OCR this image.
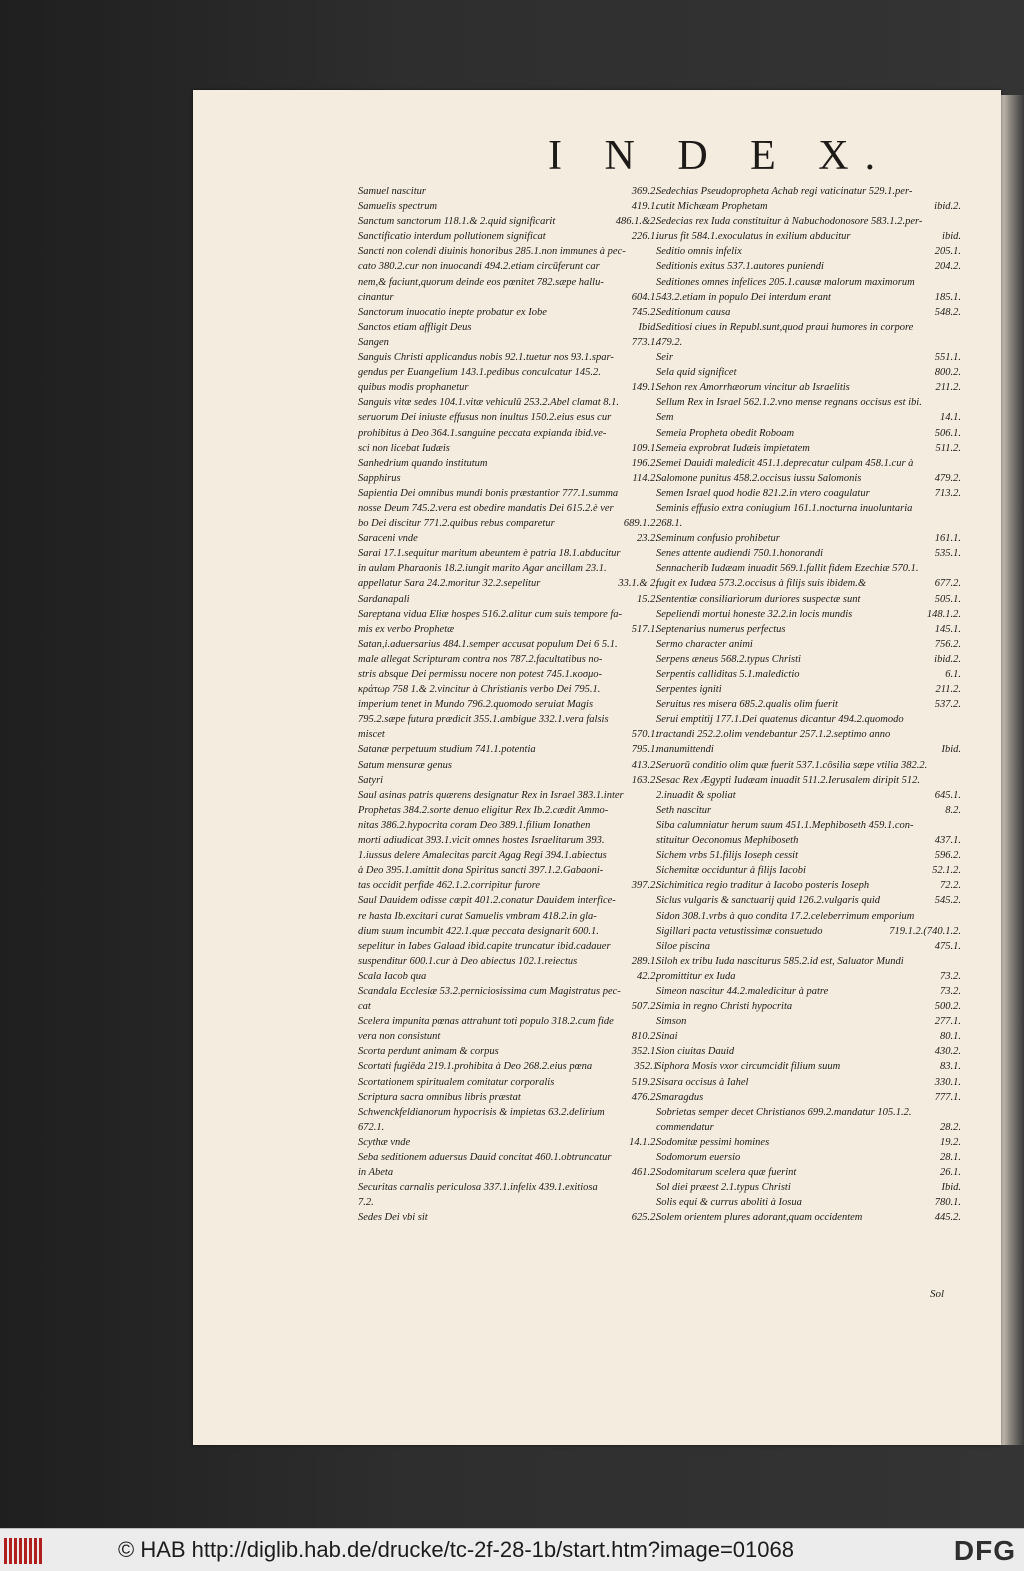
I N D E X.
Samuel nascitur	369.2.
Samuelis spectrum	419.1.
Sanctum sanctorum 118.1.& 2.quid significarit	486.1.&2.
Sanctificatio interdum pollutionem significat	226.1.
Sancti non colendi diuinis honoribus 285.1.non immunes à pec-
cato 380.2.cur non inuocandi 494.2.etiam circūferunt car
nem,& faciunt,quorum deinde eos pœnitet 782.sæpe hallu-
cinantur	604.1.
Sanctorum inuocatio inepte probatur ex Iobe	745.2.
Sanctos etiam affligit Deus	Ibid.
Sangen	773.1.
Sanguis Christi applicandus nobis 92.1.tuetur nos 93.1.spar-
gendus per Euangelium 143.1.pedibus conculcatur 145.2.
quibus modis prophanetur	149.1.
Sanguis vitæ sedes 104.1.vitæ vehiculū 253.2.Abel clamat 8.1.
seruorum Dei iniuste effusus non inultus 150.2.eius esus cur
prohibitus à Deo 364.1.sanguine peccata expianda ibid.ve-
sci non licebat Iudæis	109.1.
Sanhedrium quando institutum	196.2.
Sapphirus	114.2.
Sapientia Dei omnibus mundi bonis præstantior 777.1.summa
nosse Deum 745.2.vera est obedire mandatis Dei 615.2.è ver
bo Dei discitur 771.2.quibus rebus comparetur	689.1.2.
Saraceni vnde	23.2.
Sarai 17.1.sequitur maritum abeuntem è patria 18.1.abducitur
in aulam Pharaonis 18.2.iungit marito Agar ancillam 23.1.
appellatur Sara 24.2.moritur 32.2.sepelitur	33.1.& 2.
Sardanapali	15.2.
Sareptana vidua Eliæ hospes 516.2.alitur cum suis tempore fa-
mis ex verbo Prophetæ	517.1.
Satan,i.aduersarius 484.1.semper accusat populum Dei 6 5.1.
male allegat Scripturam contra nos 787.2.facultatibus no-
stris absque Dei permissu nocere non potest 745.1.κοσμο-
κράτωρ 758 1.& 2.vincitur à Christianis verbo Dei 795.1.
imperium tenet in Mundo 796.2.quomodo seruiat Magis
795.2.sæpe futura prædicit 355.1.ambigue 332.1.vera falsis
miscet	570.1.
Satanæ perpetuum studium 741.1.potentia	795.1.
Satum mensuræ genus	413.2.
Satyri	163.2.
Saul asinas patris quærens designatur Rex in Israel 383.1.inter
Prophetas 384.2.sorte denuo eligitur Rex Ib.2.cædit Ammo-
nitas 386.2.hypocrita coram Deo 389.1.filium Ionathen
morti adiudicat 393.1.vicit omnes hostes Israelitarum 393.
1.iussus delere Amalecitas parcit Agag Regi 394.1.abiectus
à Deo 395.1.amittit dona Spiritus sancti 397.1.2.Gabaoni-
tas occidit perfide 462.1.2.corripitur furore	397.2.
Saul Dauidem odisse cœpit 401.2.conatur Dauidem interfice-
re hasta Ib.excitari curat Samuelis vmbram 418.2.in gla-
dium suum incumbit 422.1.quæ peccata designarit 600.1.
sepelitur in Iabes Galaad ibid.capite truncatur ibid.cadauer
suspenditur 600.1.cur à Deo abiectus 102.1.reiectus	289.1.
Scala Iacob qua	42.2.
Scandala Ecclesiæ 53.2.perniciosissima cum Magistratus pec-
cat	507.2.
Scelera impunita pœnas attrahunt toti populo 318.2.cum fide
vera non consistunt	810.2.
Scorta perdunt animam & corpus	352.1.
Scortati fugiēda 219.1.prohibita à Deo 268.2.eius pœna	352.1
Scortationem spiritualem comitatur corporalis	519.2.
Scriptura sacra omnibus libris præstat	476.2.
Schwenckfeldianorum hypocrisis & impietas 63.2.delirium
672.1.
Scythæ vnde	14.1.2.
Seba seditionem aduersus Dauid concitat 460.1.obtruncatur
in Abeta	461.2.
Securitas carnalis periculosa 337.1.infelix 439.1.exitiosa
7.2.
Sedes Dei vbi sit	625.2.
Sedechias Pseudopropheta Achab regi vaticinatur 529.1.per-
cutit Michæam Prophetam	ibid.2.
Sedecias rex Iuda constituitur à Nabuchodonosore 583.1.2.per-
iurus fit 584.1.exoculatus in exilium abducitur	ibid.
Seditio omnis infelix	205.1.
Seditionis exitus 537.1.autores puniendi	204.2.
Seditiones omnes infelices 205.1.causæ malorum maximorum
543.2.etiam in populo Dei interdum erant	185.1.
Seditionum causa	548.2.
Seditiosi ciues in Republ.sunt,quod praui humores in corpore
479.2.
Seir	551.1.
Sela quid significet	800.2.
Sehon rex Amorrhæorum vincitur ab Israelitis	211.2.
Sellum Rex in Israel 562.1.2.vno mense regnans occisus est ibi.
Sem	14.1.
Semeia Propheta obedit Roboam	506.1.
Semeia exprobrat Iudæis impietatem	511.2.
Semei Dauidi maledicit 451.1.deprecatur culpam 458.1.cur à
Salomone punitus 458.2.occisus iussu Salomonis	479.2.
Semen Israel quod hodie 821.2.in vtero coagulatur	713.2.
Seminis effusio extra coniugium 161.1.nocturna inuoluntaria
268.1.
Seminum confusio prohibetur	161.1.
Senes attente audiendi 750.1.honorandi	535.1.
Sennacherib Iudæam inuadit 569.1.fallit fidem Ezechiæ 570.1.
fugit ex Iudæa 573.2.occisus à filijs suis ibidem.&	677.2.
Sententiæ consiliariorum duriores suspectæ sunt	505.1.
Sepeliendi mortui honeste 32.2.in locis mundis	148.1.2.
Septenarius numerus perfectus	145.1.
Sermo character animi	756.2.
Serpens æneus 568.2.typus Christi	ibid.2.
Serpentis calliditas 5.1.maledictio	6.1.
Serpentes ignitі	211.2.
Seruitus res misera 685.2.qualis olim fuerit	537.2.
Serui emptitij 177.1.Dei quatenus dicantur 494.2.quomodo
tractandi 252.2.olim vendebantur 257.1.2.septimo anno
manumittendi	Ibid.
Seruorū conditio olim quæ fuerit 537.1.cōsilia sæpe vtilia 382.2.
Sesac Rex Ægypti Iudæam inuadit 511.2.Ierusalem diripit 512.
2.inuadit & spoliat	645.1.
Seth nascitur	8.2.
Siba calumniatur herum suum 451.1.Mephiboseth 459.1.con-
stituitur Oeconomus Mephiboseth	437.1.
Sichem vrbs 51.filijs Ioseph cessit	596.2.
Sichemitæ occiduntur à filijs Iacobi	52.1.2.
Sichimitica regio traditur à Iacobo posteris Ioseph	72.2.
Siclus vulgaris & sanctuarij quid 126.2.vulgaris quid	545.2.
Sidon 308.1.vrbs à quo condita 17.2.celeberrimum emporium
Sigillari pacta vetustissimæ consuetudo	719.1.2.(740.1.2.
Siloe piscina	475.1.
Siloh ex tribu Iuda nasciturus 585.2.id est, Saluator Mundi
promittitur ex Iuda	73.2.
Simeon nascitur 44.2.maledicitur à patre	73.2.
Simia in regno Christi hypocrita	500.2.
Simson	277.1.
Sinai	80.1.
Sion ciuitas Dauid	430.2.
Siphora Mosis vxor circumcidit filium suum	83.1.
Sisara occisus à Iahel	330.1.
Smaragdus	777.1.
Sobrietas semper decet Christianos 699.2.mandatur 105.1.2.
commendatur	28.2.
Sodomitæ pessimi homines	19.2.
Sodomorum euersio	28.1.
Sodomitarum scelera quæ fuerint	26.1.
Sol diei præest 2.1.typus Christi	Ibid.
Solis equi & currus aboliti à Iosua	780.1.
Solem orientem plures adorant,quam occidentem	445.2.
Sol
© HAB http://diglib.hab.de/drucke/tc-2f-28-1b/start.htm?image=01068	DFG
